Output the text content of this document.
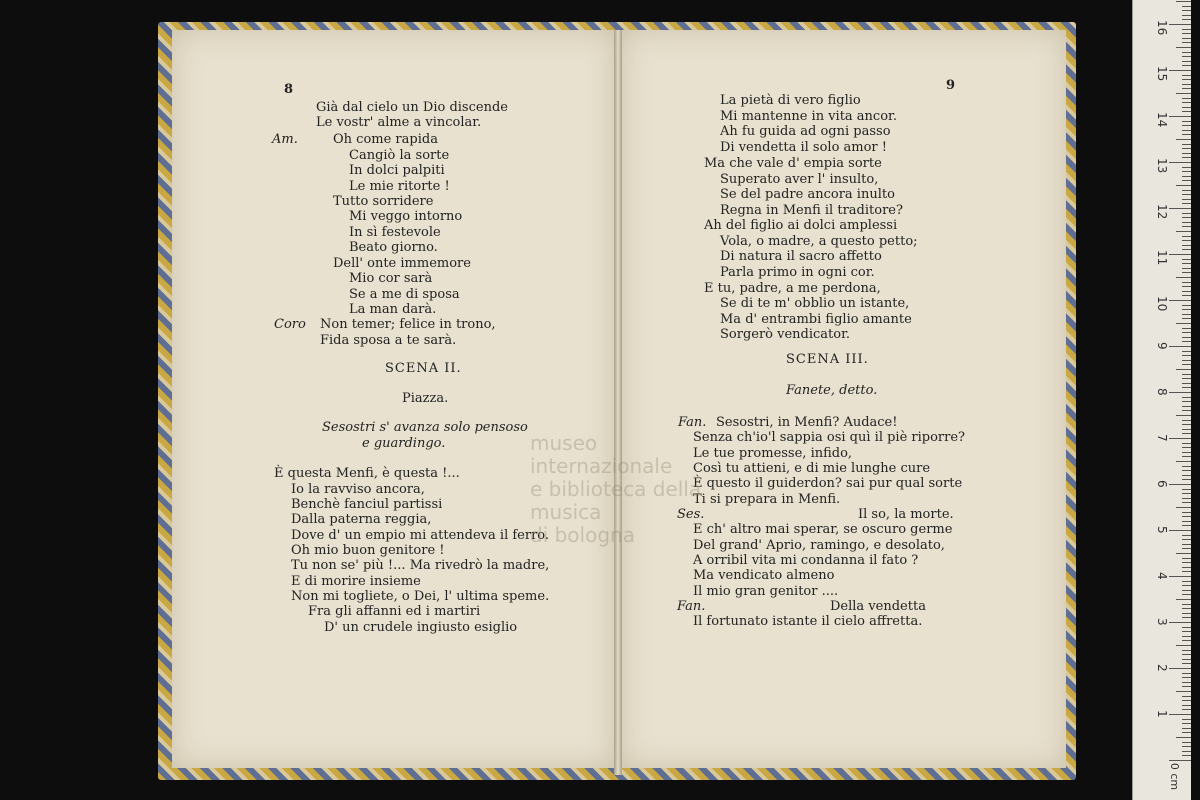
8	9
Già dal cielo un Dio discende
Le vostr' alme a vincolar.
Am.	Oh come rapida
Cangiò la sorte
In dolci palpiti
Le mie ritorte !
Tutto sorridere
Mi veggo intorno
In sì festevole
Beato giorno.
Dell' onte immemore
Mio cor sarà
Se a me di sposa
La man darà.
Coro Non temer; felice in trono,
Fida sposa a te sarà.
SCENA II.
Piazza.
Sesostri s' avanza solo pensoso
e guardingo.
È questa Menfi, è questa !...
Io la ravviso ancora,
Benchè fanciul partissi
Dalla paterna reggia,
Dove d' un empio mi attendeva il ferro.
Oh mio buon genitore !
Tu non se' più !... Ma rivedrò la madre,
E di morire insieme
Non mi togliete, o Dei, l' ultima speme.
Fra gli affanni ed i martiri
D' un crudele ingiusto esiglio
La pietà di vero figlio
Mi mantenne in vita ancor.
Ah fu guida ad ogni passo
Di vendetta il solo amor !
Ma che vale d' empia sorte
Superato aver l' insulto,
Se del padre ancora inulto
Regna in Menfi il traditore?
Ah del figlio ai dolci amplessi
Vola, o madre, a questo petto;
Di natura il sacro affetto
Parla primo in ogni cor.
E tu, padre, a me perdona,
Se di te m' obblio un istante,
Ma d' entrambi figlio amante
Sorgerò vendicator.
SCENA III.
Fanete, detto.
Fan. Sesostri, in Menfi? Audace!
Senza ch'io'l sappia osi quì il piè riporre?
Le tue promesse, infido,
Così tu attieni, e di mie lunghe cure
È questo il guiderdon? sai pur qual sorte
Ti si prepara in Menfi.
Ses.	Il so, la morte.
E ch' altro mai sperar, se oscuro germe
Del grand' Aprio, ramingo, e desolato,
A orribil vita mi condanna il fato ?
Ma vendicato almeno
Il mio gran genitor ....
Fan.	Della vendetta
Il fortunato istante il cielo affretta.
museo internazionale
e biblioteca della musica
di bologna
0 cm
1
2
3
4
5
6
7
8
9
10
11
12
13
14
15
16
